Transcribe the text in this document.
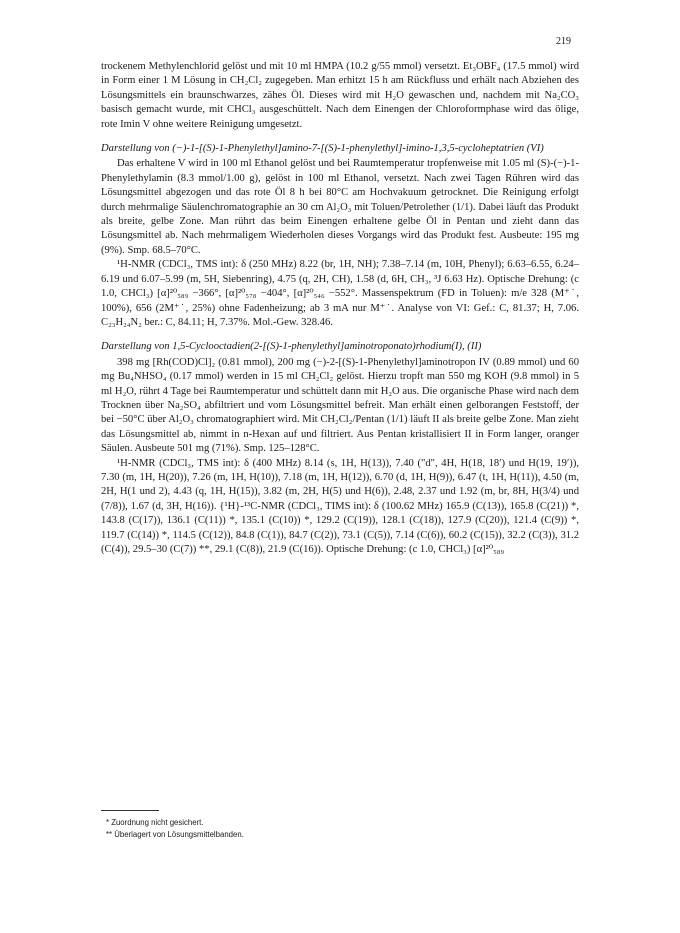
219

trockenem Methylenchlorid gelöst und mit 10 ml HMPA (10.2 g/55 mmol) versetzt. Et₃OBF₄ (17.5 mmol) wird in Form einer 1 M Lösung in CH₂Cl₂ zugegeben. Man erhitzt 15 h am Rückfluss und erhält nach Abziehen des Lösungsmittels ein braunschwarzes, zähes Öl. Dieses wird mit H₂O gewaschen und, nachdem mit Na₂CO₃ basisch gemacht wurde, mit CHCl₃ ausgeschüttelt. Nach dem Einengen der Chloroformphase wird das ölige, rote Imin V ohne weitere Reinigung umgesetzt.

Darstellung von (−)-1-[(S)-1-Phenylethyl]amino-7-[(S)-1-phenylethyl]-imino-1,3,5-cycloheptatrien (VI)

Das erhaltene V wird in 100 ml Ethanol gelöst und bei Raumtemperatur tropfenweise mit 1.05 ml (S)-(−)-1-Phenylethylamin (8.3 mmol/1.00 g), gelöst in 100 ml Ethanol, versetzt. Nach zwei Tagen Rühren wird das Lösungsmittel abgezogen und das rote Öl 8 h bei 80°C am Hochvakuum getrocknet. Die Reinigung erfolgt durch mehrmalige Säulenchromatographie an 30 cm Al₂O₃ mit Toluen/Petrolether (1/1). Dabei läuft das Produkt als breite, gelbe Zone. Man rührt das beim Einengen erhaltene gelbe Öl in Pentan und zieht dann das Lösungsmittel ab. Nach mehrmaligem Wiederholen dieses Vorgangs wird das Produkt fest. Ausbeute: 195 mg (9%). Smp. 68.5–70°C.

¹H-NMR (CDCl₃, TMS int): δ (250 MHz) 8.22 (br, 1H, NH); 7.38–7.14 (m, 10H, Phenyl); 6.63–6.55, 6.24–6.19 und 6.07–5.99 (m, 5H, Siebenring), 4.75 (q, 2H, CH), 1.58 (d, 6H, CH₃, ³J 6.63 Hz). Optische Drehung: (c 1.0, CHCl₃) [α]²⁰₅₈₉ −366°, [α]²⁰₅₇₈ −404°, [α]²⁰₅₄₆ −552°. Massenspektrum (FD in Toluen): m/e 328 (M⁺˙, 100%), 656 (2M⁺˙, 25%) ohne Fadenheizung; ab 3 mA nur M⁺˙. Analyse von VI: Gef.: C, 81.37; H, 7.06. C₂₃H₂₄N₂ ber.: C, 84.11; H, 7.37%. Mol.-Gew. 328.46.

Darstellung von 1,5-Cyclooctadien(2-[(S)-1-phenylethyl]aminotroponato)rhodium(I), (II)

398 mg [Rh(COD)Cl]₂ (0.81 mmol), 200 mg (−)-2-[(S)-1-Phenylethyl]aminotropon IV (0.89 mmol) und 60 mg Bu₄NHSO₄ (0.17 mmol) werden in 15 ml CH₂Cl₂ gelöst. Hierzu tropft man 550 mg KOH (9.8 mmol) in 5 ml H₂O, rührt 4 Tage bei Raumtemperatur und schüttelt dann mit H₂O aus. Die organische Phase wird nach dem Trocknen über Na₂SO₄ abfiltriert und vom Lösungsmittel befreit. Man erhält einen gelborangen Feststoff, der bei −50°C über Al₂O₃ chromatographiert wird. Mit CH₂Cl₂/Pentan (1/1) läuft II als breite gelbe Zone. Man zieht das Lösungsmittel ab, nimmt in n-Hexan auf und filtriert. Aus Pentan kristallisiert II in Form langer, oranger Säulen. Ausbeute 501 mg (71%). Smp. 125–128°C.

¹H-NMR (CDCl₃, TMS int): δ (400 MHz) 8.14 (s, 1H, H(13)), 7.40 ("d", 4H, H(18, 18′) und H(19, 19′)), 7.30 (m, 1H, H(20)), 7.26 (m, 1H, H(10)), 7.18 (m, 1H, H(12)), 6.70 (d, 1H, H(9)), 6.47 (t, 1H, H(11)), 4.50 (m, 2H, H(1 und 2), 4.43 (q, 1H, H(15)), 3.82 (m, 2H, H(5) und H(6)), 2.48, 2.37 und 1.92 (m, br, 8H, H(3/4) und (7/8)), 1.67 (d, 3H, H(16)). {¹H}-¹³C-NMR (CDCl₃, TIMS int): δ (100.62 MHz) 165.9 (C(13)), 165.8 (C(21)) *, 143.8 (C(17)), 136.1 (C(11)) *, 135.1 (C(10)) *, 129.2 (C(19)), 128.1 (C(18)), 127.9 (C(20)), 121.4 (C(9)) *, 119.7 (C(14)) *, 114.5 (C(12)), 84.8 (C(1)), 84.7 (C(2)), 73.1 (C(5)), 7.14 (C(6)), 60.2 (C(15)), 32.2 (C(3)), 31.2 (C(4)), 29.5–30 (C(7)) **, 29.1 (C(8)), 21.9 (C(16)). Optische Drehung: (c 1.0, CHCl₃) [α]²⁰₅₈₉

* Zuordnung nicht gesichert.
** Überlagert von Lösungsmittelbanden.
